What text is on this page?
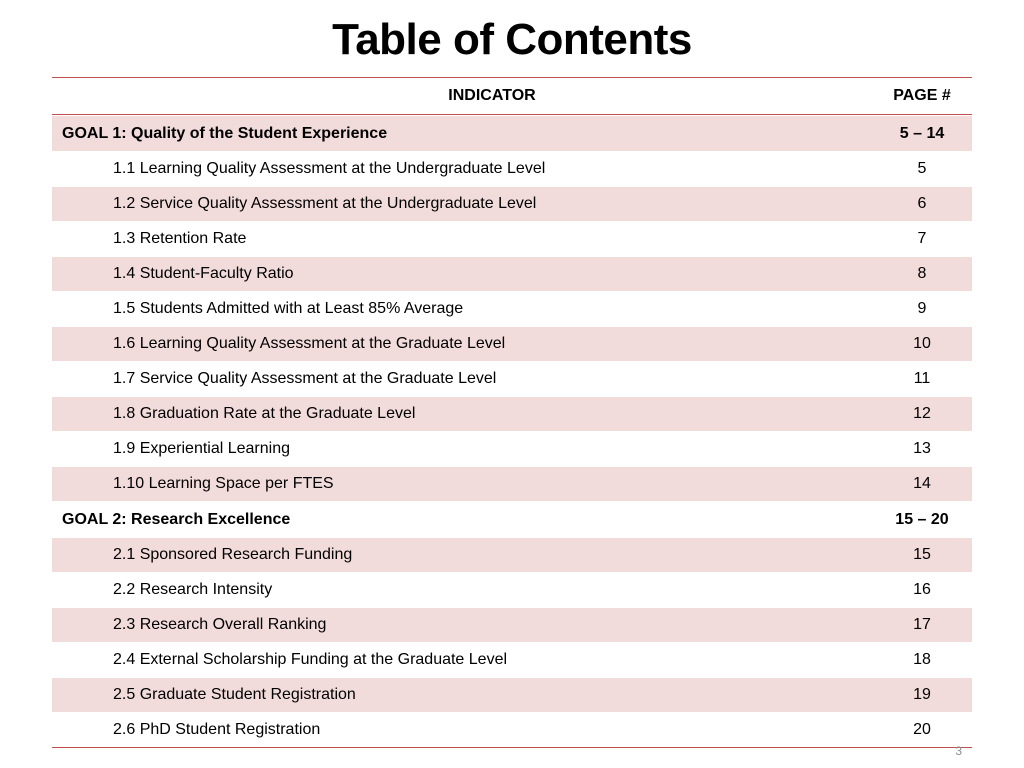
Table of Contents
INDICATOR	PAGE #
GOAL 1: Quality of the Student Experience	5 – 14
1.1 Learning Quality Assessment at the Undergraduate Level	5
1.2 Service Quality Assessment at the Undergraduate Level	6
1.3 Retention Rate	7
1.4 Student-Faculty Ratio	8
1.5 Students Admitted with at Least 85% Average	9
1.6 Learning Quality Assessment at the Graduate Level	10
1.7 Service Quality Assessment at the Graduate Level	11
1.8 Graduation Rate at the Graduate Level	12
1.9 Experiential Learning	13
1.10 Learning Space per FTES	14
GOAL 2: Research Excellence	15 – 20
2.1 Sponsored Research Funding	15
2.2 Research Intensity	16
2.3 Research Overall Ranking	17
2.4 External Scholarship Funding at the Graduate Level	18
2.5 Graduate Student Registration	19
2.6 PhD Student Registration	20
3
